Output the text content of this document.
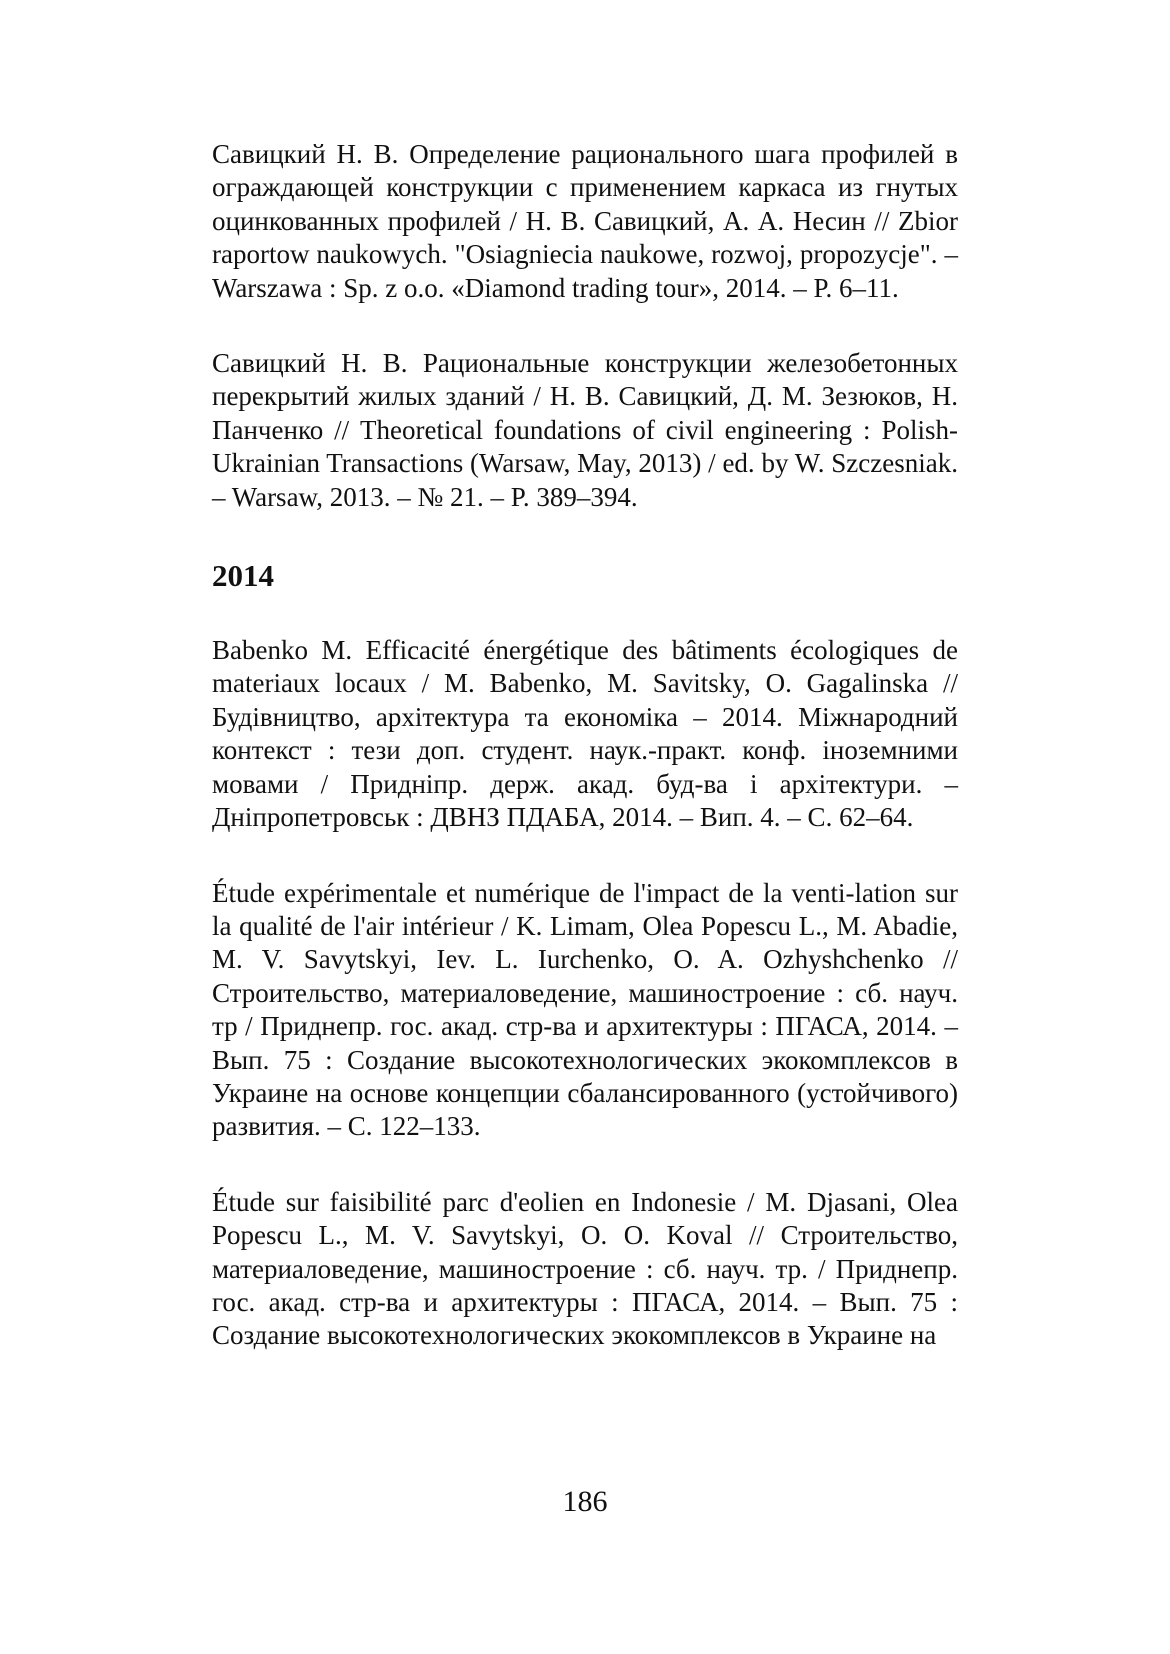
Савицкий Н. В. Определение рационального шага профилей в ограждающей конструкции с применением каркаса из гнутых оцинкованных профилей / Н. В. Савицкий, А. А. Несин // Zbior raportow naukowych. "Osiagniecia naukowe, rozwoj, propozycje". – Warszawa : Sp. z o.o. «Diamond trading tour», 2014. – P. 6–11.

Савицкий Н. В. Рациональные конструкции железобетонных перекрытий жилых зданий / Н. В. Савицкий, Д. М. Зезюков, Н. Панченко // Theoretical foundations of civil engineering : Polish-Ukrainian Transactions (Warsaw, May, 2013) / ed. by W. Szczesniak. – Warsaw, 2013. – № 21. – P. 389–394.

2014

Babenko M. Efficacité énergétique des bâtiments écologiques de materiaux locaux / M. Babenko, M. Savitsky, O. Gagalinska // Будівництво, архітектура та економіка – 2014. Міжнародний контекст : тези доп. студент. наук.-практ. конф. іноземними мовами / Придніпр. держ. акад. буд-ва і архітектури. – Дніпропетровськ : ДВНЗ ПДАБА, 2014. – Вип. 4. – С. 62–64.

Étude expérimentale et numérique de l'impact de la venti-lation sur la qualité de l'air intérieur / K. Limam, Olea Popescu L., M. Abadie, M. V. Savytskyi, Iev. L. Iurchenko, O. A. Ozhyshchenko // Строительство, материаловедение, машиностроение : сб. науч. тр / Приднепр. гос. акад. стр-ва и архитектуры : ПГАСА, 2014. – Вып. 75 : Создание высокотехнологических экокомплексов в Украине на основе концепции сбалансированного (устойчивого) развития. – С. 122–133.

Étude sur faisibilité parc d'eolien en Indonesie / M. Djasani, Olea Popescu L., M. V. Savytskyi, O. O. Koval // Строительство, материаловедение, машиностроение : сб. науч. тр. / Приднепр. гос. акад. стр-ва и архитектуры : ПГАСА, 2014. – Вып. 75 : Создание высокотехнологических экокомплексов в Украине на

186
